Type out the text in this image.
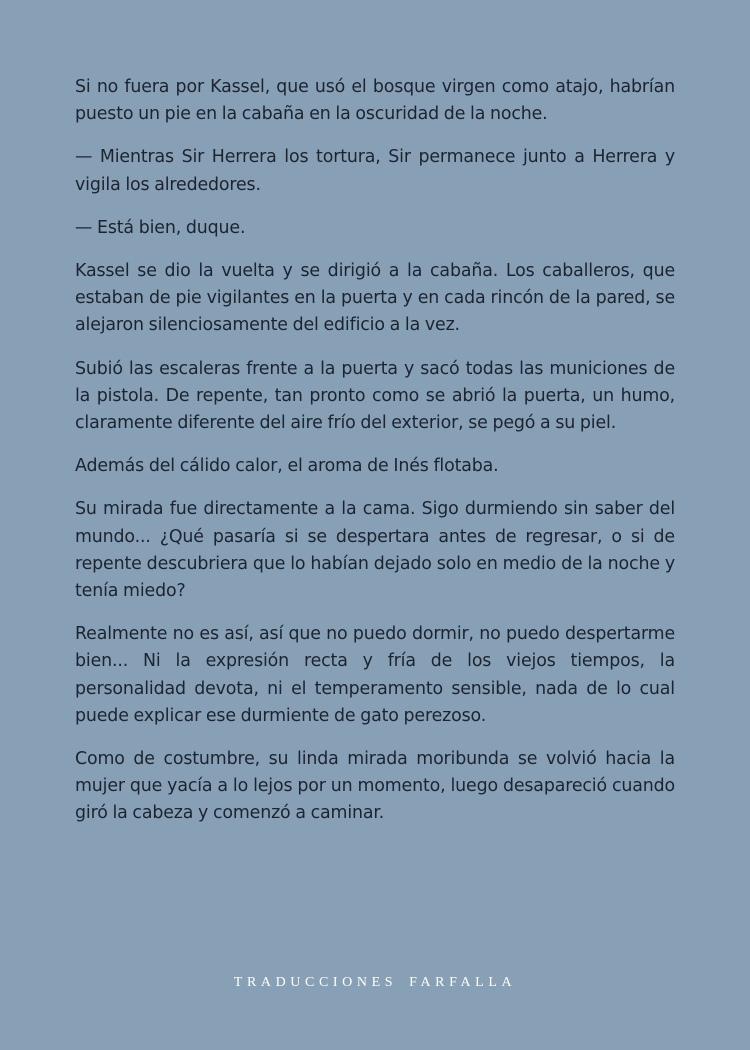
Si no fuera por Kassel, que usó el bosque virgen como atajo, habrían puesto un pie en la cabaña en la oscuridad de la noche.

— Mientras Sir Herrera los tortura, Sir permanece junto a Herrera y vigila los alrededores.

— Está bien, duque.

Kassel se dio la vuelta y se dirigió a la cabaña. Los caballeros, que estaban de pie vigilantes en la puerta y en cada rincón de la pared, se alejaron silenciosamente del edificio a la vez.

Subió las escaleras frente a la puerta y sacó todas las municiones de la pistola. De repente, tan pronto como se abrió la puerta, un humo, claramente diferente del aire frío del exterior, se pegó a su piel.

Además del cálido calor, el aroma de Inés flotaba.

Su mirada fue directamente a la cama. Sigo durmiendo sin saber del mundo... ¿Qué pasaría si se despertara antes de regresar, o si de repente descubriera que lo habían dejado solo en medio de la noche y tenía miedo?

Realmente no es así, así que no puedo dormir, no puedo despertarme bien... Ni la expresión recta y fría de los viejos tiempos, la personalidad devota, ni el temperamento sensible, nada de lo cual puede explicar ese durmiente de gato perezoso.

Como de costumbre, su linda mirada moribunda se volvió hacia la mujer que yacía a lo lejos por un momento, luego desapareció cuando giró la cabeza y comenzó a caminar.

TRADUCCIONES FARFALLA
